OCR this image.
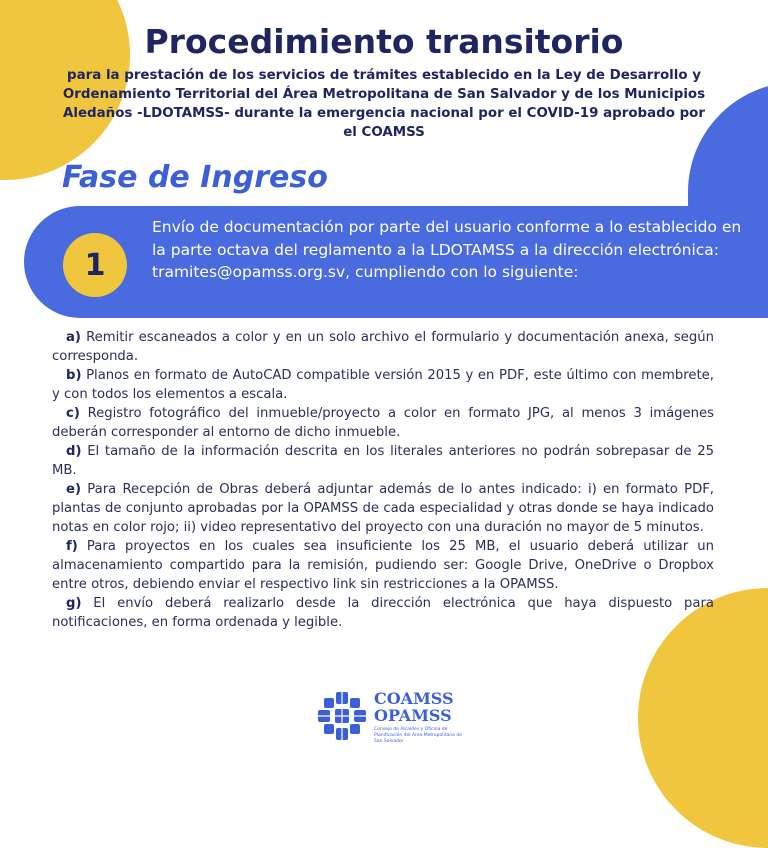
Procedimiento transitorio

para la prestación de los servicios de trámites establecido en la Ley de Desarrollo y Ordenamiento Territorial del Área Metropolitana de San Salvador y de los Municipios Aledaños -LDOTAMSS- durante la emergencia nacional por el COVID-19 aprobado por el COAMSS

Fase de Ingreso
1

Envío de documentación por parte del usuario conforme a lo establecido en la parte octava del reglamento a la LDOTAMSS a la dirección electrónica: tramites@opamss.org.sv, cumpliendo con lo siguiente:

a) Remitir escaneados a color y en un solo archivo el formulario y documentación anexa, según corresponda.

b) Planos en formato de AutoCAD compatible versión 2015 y en PDF, este último con membrete, y con todos los elementos a escala.

c) Registro fotográfico del inmueble/proyecto a color en formato JPG, al menos 3 imágenes deberán corresponder al entorno de dicho inmueble.

d) El tamaño de la información descrita en los literales anteriores no podrán sobrepasar de 25 MB.

e) Para Recepción de Obras deberá adjuntar además de lo antes indicado: i) en formato PDF, plantas de conjunto aprobadas por la OPAMSS de cada especialidad y otras donde se haya indicado notas en color rojo; ii) video representativo del proyecto con una duración no mayor de 5 minutos.

f) Para proyectos en los cuales sea insuficiente los 25 MB, el usuario deberá utilizar un almacenamiento compartido para la remisión, pudiendo ser: Google Drive, OneDrive o Dropbox entre otros, debiendo enviar el respectivo link sin restricciones a la OPAMSS.

g) El envío deberá realizarlo desde la dirección electrónica que haya dispuesto para notificaciones, en forma ordenada y legible.

COAMSS

OPAMSS

Consejo de Alcaldes y Oficina de Planificación del Área Metropolitana de San Salvador
